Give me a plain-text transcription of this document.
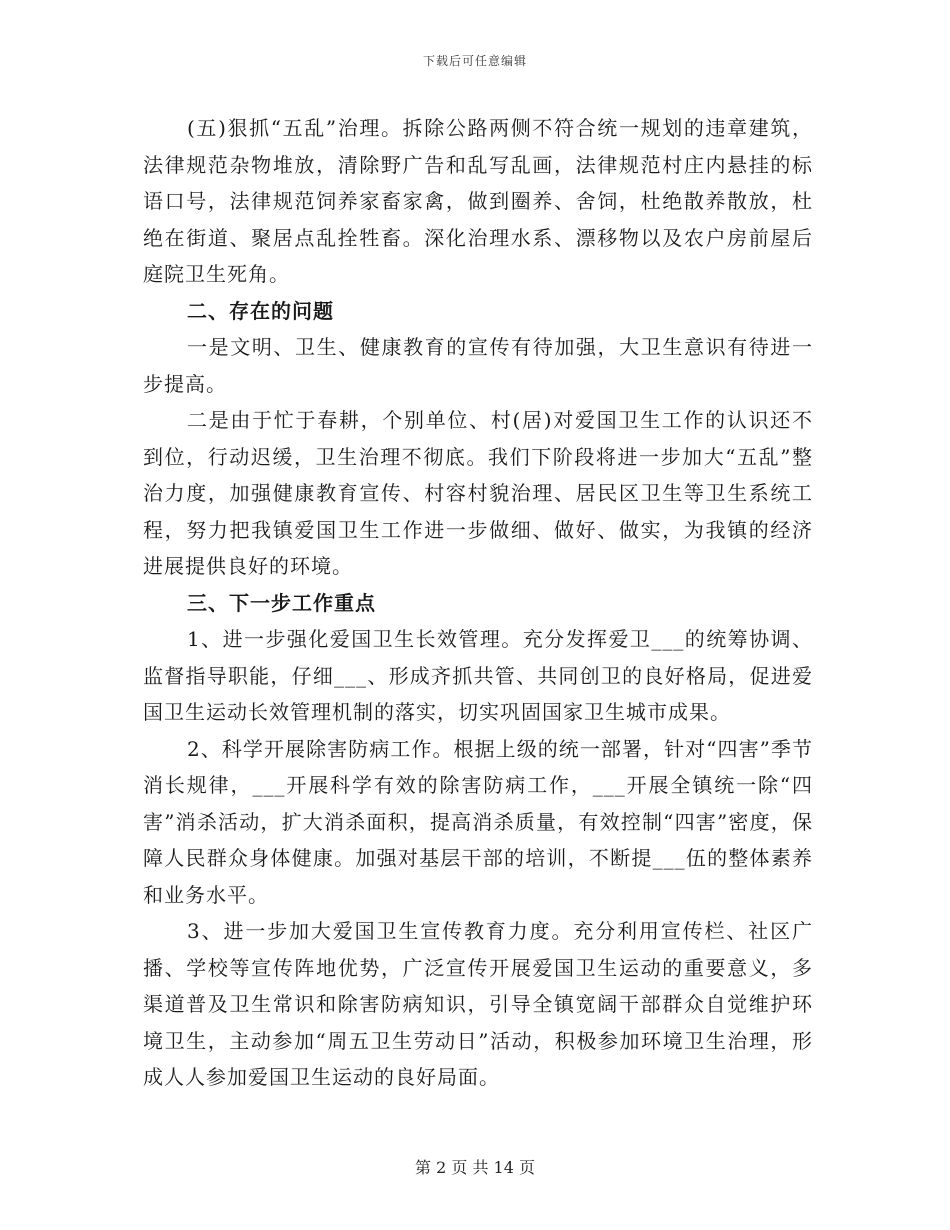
下载后可任意编辑

(五)狠抓“五乱”治理。拆除公路两侧不符合统一规划的违章建筑，法律规范杂物堆放，清除野广告和乱写乱画，法律规范村庄内悬挂的标语口号，法律规范饲养家畜家禽，做到圈养、舍饲，杜绝散养散放，杜绝在街道、聚居点乱拴牲畜。深化治理水系、漂移物以及农户房前屋后庭院卫生死角。

二、存在的问题

一是文明、卫生、健康教育的宣传有待加强，大卫生意识有待进一步提高。

二是由于忙于春耕，个别单位、村(居)对爱国卫生工作的认识还不到位，行动迟缓，卫生治理不彻底。我们下阶段将进一步加大“五乱”整治力度，加强健康教育宣传、村容村貌治理、居民区卫生等卫生系统工程，努力把我镇爱国卫生工作进一步做细、做好、做实，为我镇的经济进展提供良好的环境。

三、下一步工作重点

1、进一步强化爱国卫生长效管理。充分发挥爱卫___的统筹协调、监督指导职能，仔细___、形成齐抓共管、共同创卫的良好格局，促进爱国卫生运动长效管理机制的落实，切实巩固国家卫生城市成果。

2、科学开展除害防病工作。根据上级的统一部署，针对“四害”季节消长规律，___开展科学有效的除害防病工作，___开展全镇统一除“四害”消杀活动，扩大消杀面积，提高消杀质量，有效控制“四害”密度，保障人民群众身体健康。加强对基层干部的培训，不断提___伍的整体素养和业务水平。

3、进一步加大爱国卫生宣传教育力度。充分利用宣传栏、社区广播、学校等宣传阵地优势，广泛宣传开展爱国卫生运动的重要意义，多渠道普及卫生常识和除害防病知识，引导全镇宽阔干部群众自觉维护环境卫生，主动参加“周五卫生劳动日”活动，积极参加环境卫生治理，形成人人参加爱国卫生运动的良好局面。

第 2 页 共 14 页
